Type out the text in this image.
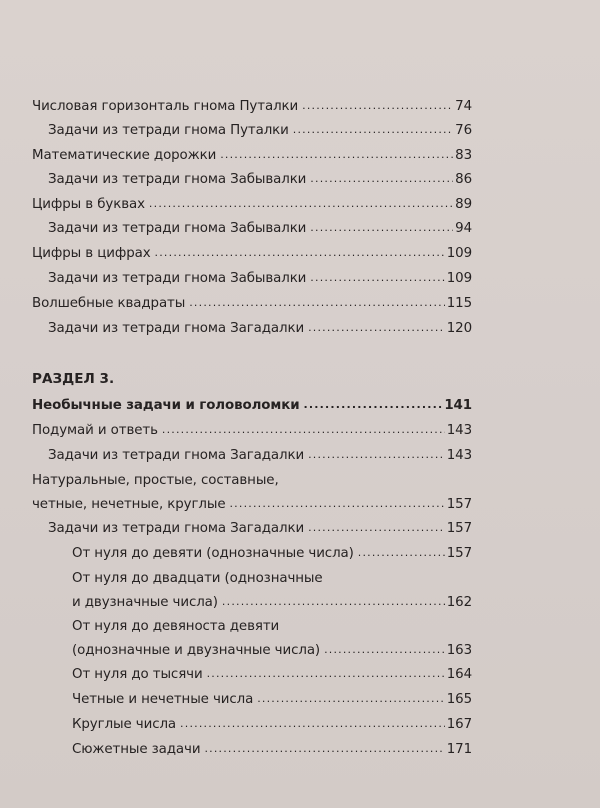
Числовая горизонталь гнома Путалки .....	74
Задачи из тетради гнома Путалки .....	76
Математические дорожки .....	83
Задачи из тетради гнома Забывалки .....	86
Цифры в буквах .....	89
Задачи из тетради гнома Забывалки .....	94
Цифры в цифрах .....	109
Задачи из тетради гнома Забывалки .....	109
Волшебные квадраты .....	115
Задачи из тетради гнома Загадалки .....	120
РАЗДЕЛ 3.
Необычные задачи и головоломки .....	141
Подумай и ответь .....	143
Задачи из тетради гнома Загадалки .....	143
Натуральные, простые, составные,
четные, нечетные, круглые .....	157
Задачи из тетради гнома Загадалки .....	157
От нуля до девяти (однозначные числа) .....	157
От нуля до двадцати (однозначные
и двузначные числа) .....	162
От нуля до девяноста девяти
(однозначные и двузначные числа) .....	163
От нуля до тысячи .....	164
Четные и нечетные числа .....	165
Круглые числа .....	167
Сюжетные задачи .....	171
